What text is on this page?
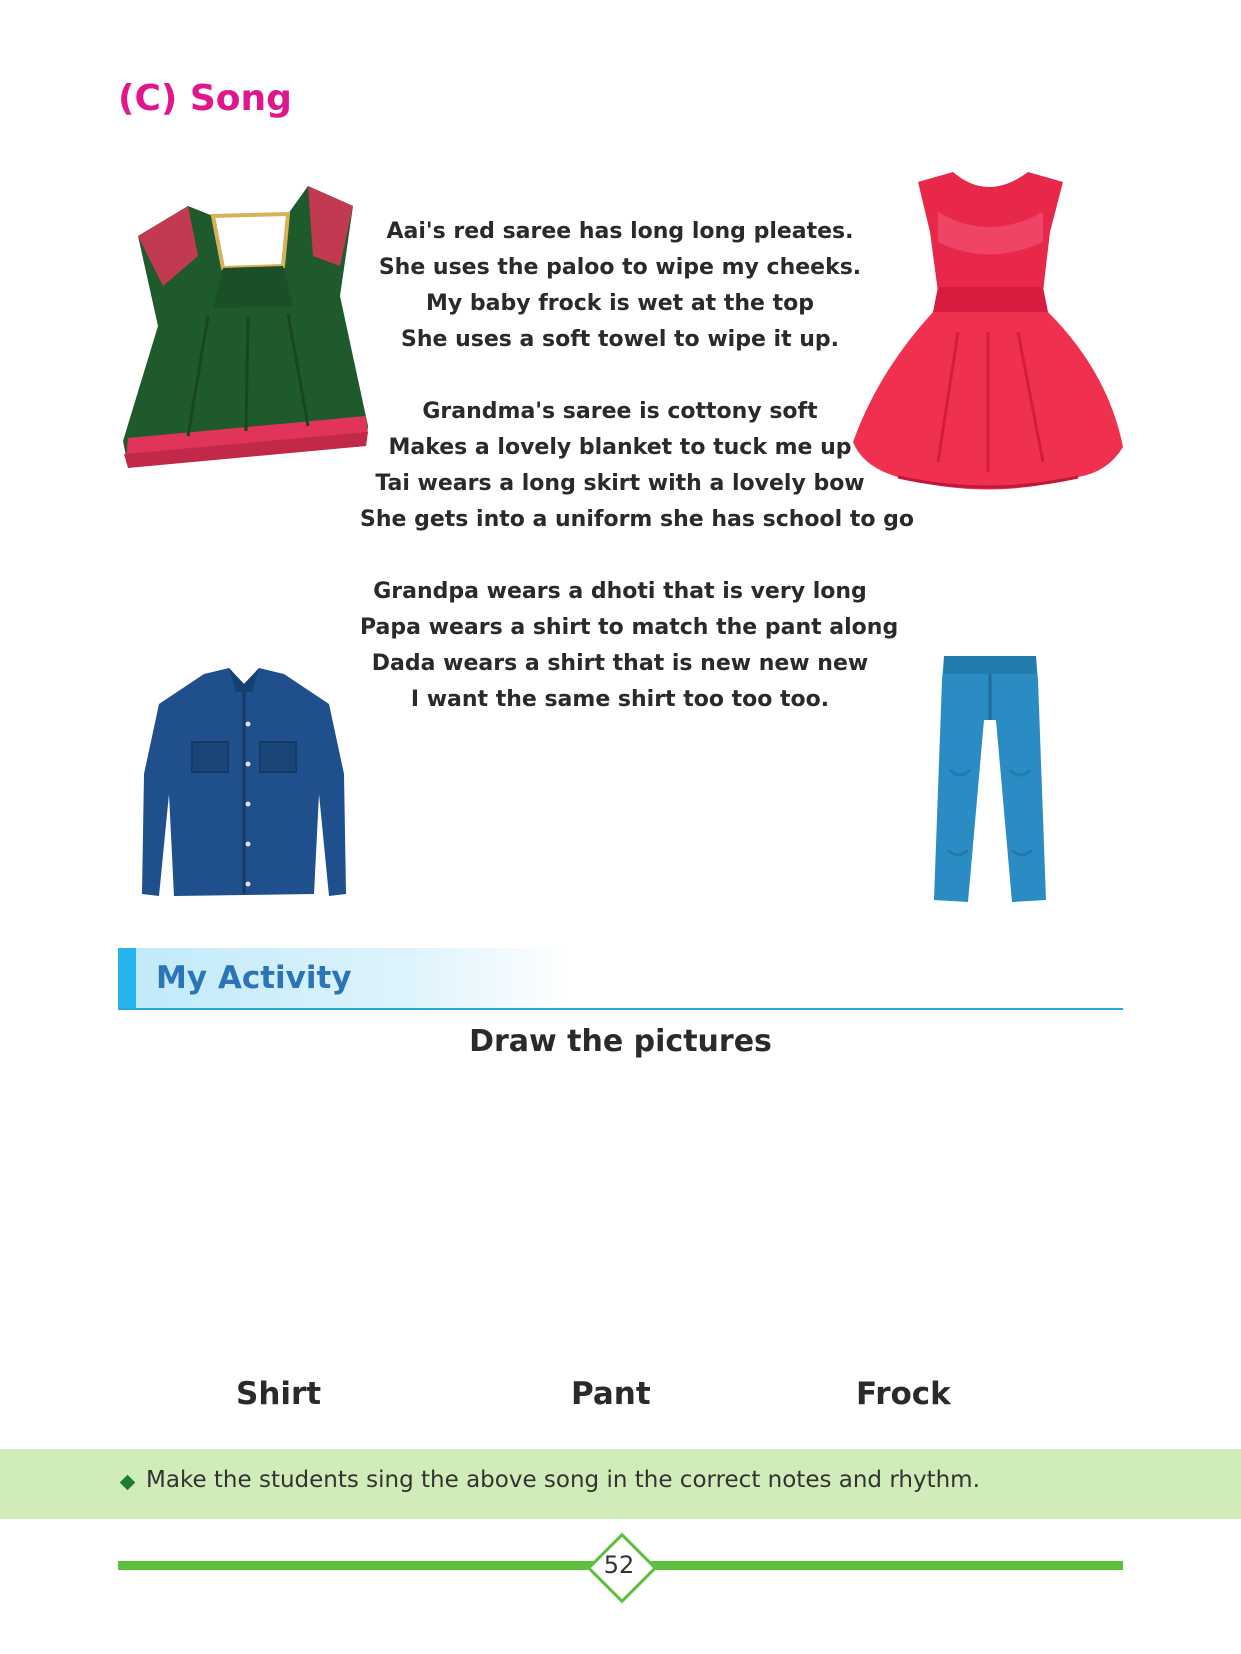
(C) Song

Aai's red saree has long long pleates.

She uses the paloo to wipe my cheeks.

My baby frock is wet at the top

She uses a soft towel to wipe it up.

Grandma's saree is cottony soft

Makes a lovely blanket to tuck me up

Tai wears a long skirt with a lovely bow

She gets into a uniform she has school to go

Grandpa wears a dhoti that is very long

Papa wears a shirt to match the pant along

Dada wears a shirt that is new new new

I want the same shirt too too too.

My Activity
Draw the pictures
Shirt	Pant	Frock
Make the students sing the above song in the correct notes and rhythm.
52
